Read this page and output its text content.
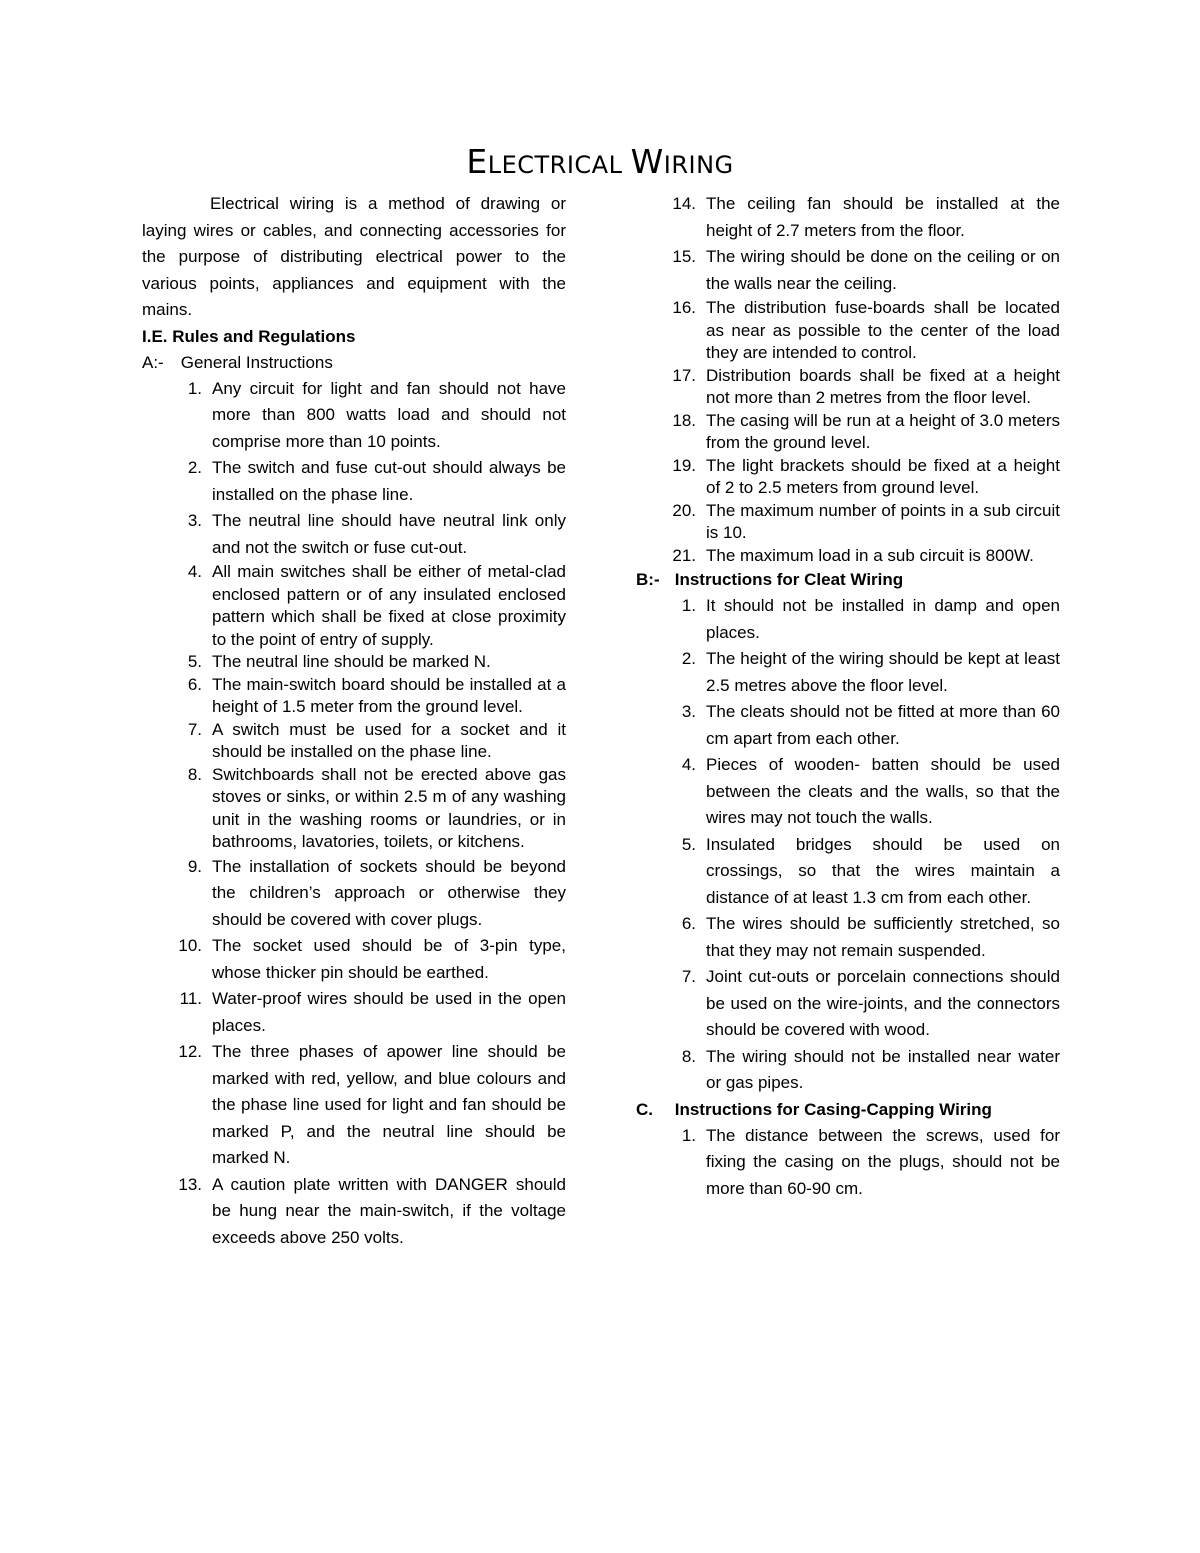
ELECTRICAL WIRING

Electrical wiring is a method of drawing or laying wires or cables, and connecting accessories for the purpose of distributing electrical power to the various points, appliances and equipment with the mains.

I.E. Rules and Regulations

A:- General Instructions

1. Any circuit for light and fan should not have more than 800 watts load and should not comprise more than 10 points.
2. The switch and fuse cut-out should always be installed on the phase line.
3. The neutral line should have neutral link only and not the switch or fuse cut-out.
4. All main switches shall be either of metal-clad enclosed pattern or of any insulated enclosed pattern which shall be fixed at close proximity to the point of entry of supply.
5. The neutral line should be marked N.
6. The main-switch board should be installed at a height of 1.5 meter from the ground level.
7. A switch must be used for a socket and it should be installed on the phase line.
8. Switchboards shall not be erected above gas stoves or sinks, or within 2.5 m of any washing unit in the washing rooms or laundries, or in bathrooms, lavatories, toilets, or kitchens.
9. The installation of sockets should be beyond the children’s approach or otherwise they should be covered with cover plugs.
10. The socket used should be of 3-pin type, whose thicker pin should be earthed.
11. Water-proof wires should be used in the open places.
12. The three phases of apower line should be marked with red, yellow, and blue colours and the phase line used for light and fan should be marked P, and the neutral line should be marked N.
13. A caution plate written with DANGER should be hung near the main-switch, if the voltage exceeds above 250 volts.
14. The ceiling fan should be installed at the height of 2.7 meters from the floor.
15. The wiring should be done on the ceiling or on the walls near the ceiling.
16. The distribution fuse-boards shall be located as near as possible to the center of the load they are intended to control.
17. Distribution boards shall be fixed at a height not more than 2 metres from the floor level.
18. The casing will be run at a height of 3.0 meters from the ground level.
19. The light brackets should be fixed at a height of 2 to 2.5 meters from ground level.
20. The maximum number of points in a sub circuit is 10.
21. The maximum load in a sub circuit is 800W.

B:- Instructions for Cleat Wiring

1. It should not be installed in damp and open places.
2. The height of the wiring should be kept at least 2.5 metres above the floor level.
3. The cleats should not be fitted at more than 60 cm apart from each other.
4. Pieces of wooden- batten should be used between the cleats and the walls, so that the wires may not touch the walls.
5. Insulated bridges should be used on crossings, so that the wires maintain a distance of at least 1.3 cm from each other.
6. The wires should be sufficiently stretched, so that they may not remain suspended.
7. Joint cut-outs or porcelain connections should be used on the wire-joints, and the connectors should be covered with wood.
8. The wiring should not be installed near water or gas pipes.

C. Instructions for Casing-Capping Wiring

1. The distance between the screws, used for fixing the casing on the plugs, should not be more than 60-90 cm.
